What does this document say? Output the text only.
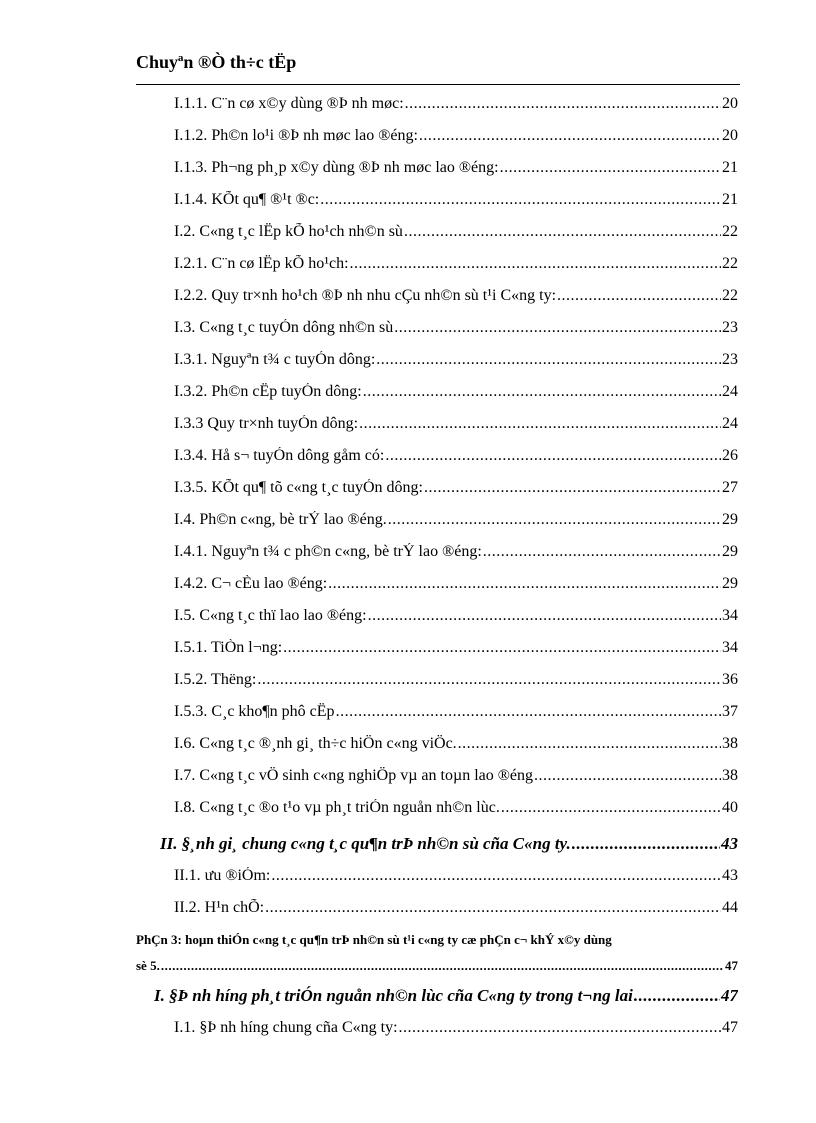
Chuyªn ®Ò th÷c tËp
I.1.1. C¨n cø x©y dùng ®Þ nh møc: .....	20
I.1.2. Ph©n lo¹i ®Þ nh møc lao ®éng: .....	20
I.1.3. Ph¬ng ph¸p x©y dùng ®Þ nh møc lao ®éng: .....	21
I.1.4. KÕt qu¶ ®¹t ®c: .....	21
I.2. C«ng t¸c lËp kÕ ho¹ch nh©n sù .....	22
I.2.1. C¨n cø lËp kÕ ho¹ch: .....	22
I.2.2. Quy tr×nh ho¹ch ®Þ nh nhu cÇu nh©n sù t¹i C«ng ty: .....	22
I.3. C«ng t¸c tuyÓn dông nh©n sù .....	23
I.3.1. Nguyªn t¾ c tuyÓn dông: .....	23
I.3.2. Ph©n cËp tuyÓn dông: .....	24
I.3.3 Quy tr×nh tuyÓn dông: .....	24
I.3.4. Hå s¬ tuyÓn dông gåm có: .....	26
I.3.5. KÕt qu¶ tõ c«ng t¸c tuyÓn dông: .....	27
I.4. Ph©n c«ng, bè trÝ lao ®éng. .....	29
I.4.1. Nguyªn t¾ c ph©n c«ng, bè trÝ lao ®éng: .....	29
I.4.2. C¬ cÈu lao ®éng: .....	29
I.5. C«ng t¸c thï lao lao ®éng: .....	34
I.5.1. TiÒn l¬ng: .....	34
I.5.2. Thëng: .....	36
I.5.3. C¸c kho¶n phô cËp .....	37
I.6. C«ng t¸c ®¸nh gi¸ th÷c hiÖn c«ng viÖc. .....	38
I.7. C«ng t¸c vÖ sinh c«ng nghiÖp vµ an toµn lao ®éng .....	38
I.8. C«ng t¸c ®o t¹o vµ ph¸t triÓn nguån nh©n lùc. .....	40
II. §¸nh gi¸ chung c«ng t¸c qu¶n trÞ nh©n sù cña C«ng ty. .....	43
II.1. ưu ®iÓm: .....	43
II.2. H¹n chÕ: .....	44
PhÇn 3: hoµn thiÓn c«ng t¸c qu¶n trÞ nh©n sù t¹i c«ng ty cæ phÇn c¬ khÝ x©y dùng
sè 5. .....	47
I. §Þ nh híng ph¸t triÓn nguån nh©n lùc cña C«ng ty trong t¬ng lai .....	47
I.1. §Þ nh híng chung cña C«ng ty: .....	47
